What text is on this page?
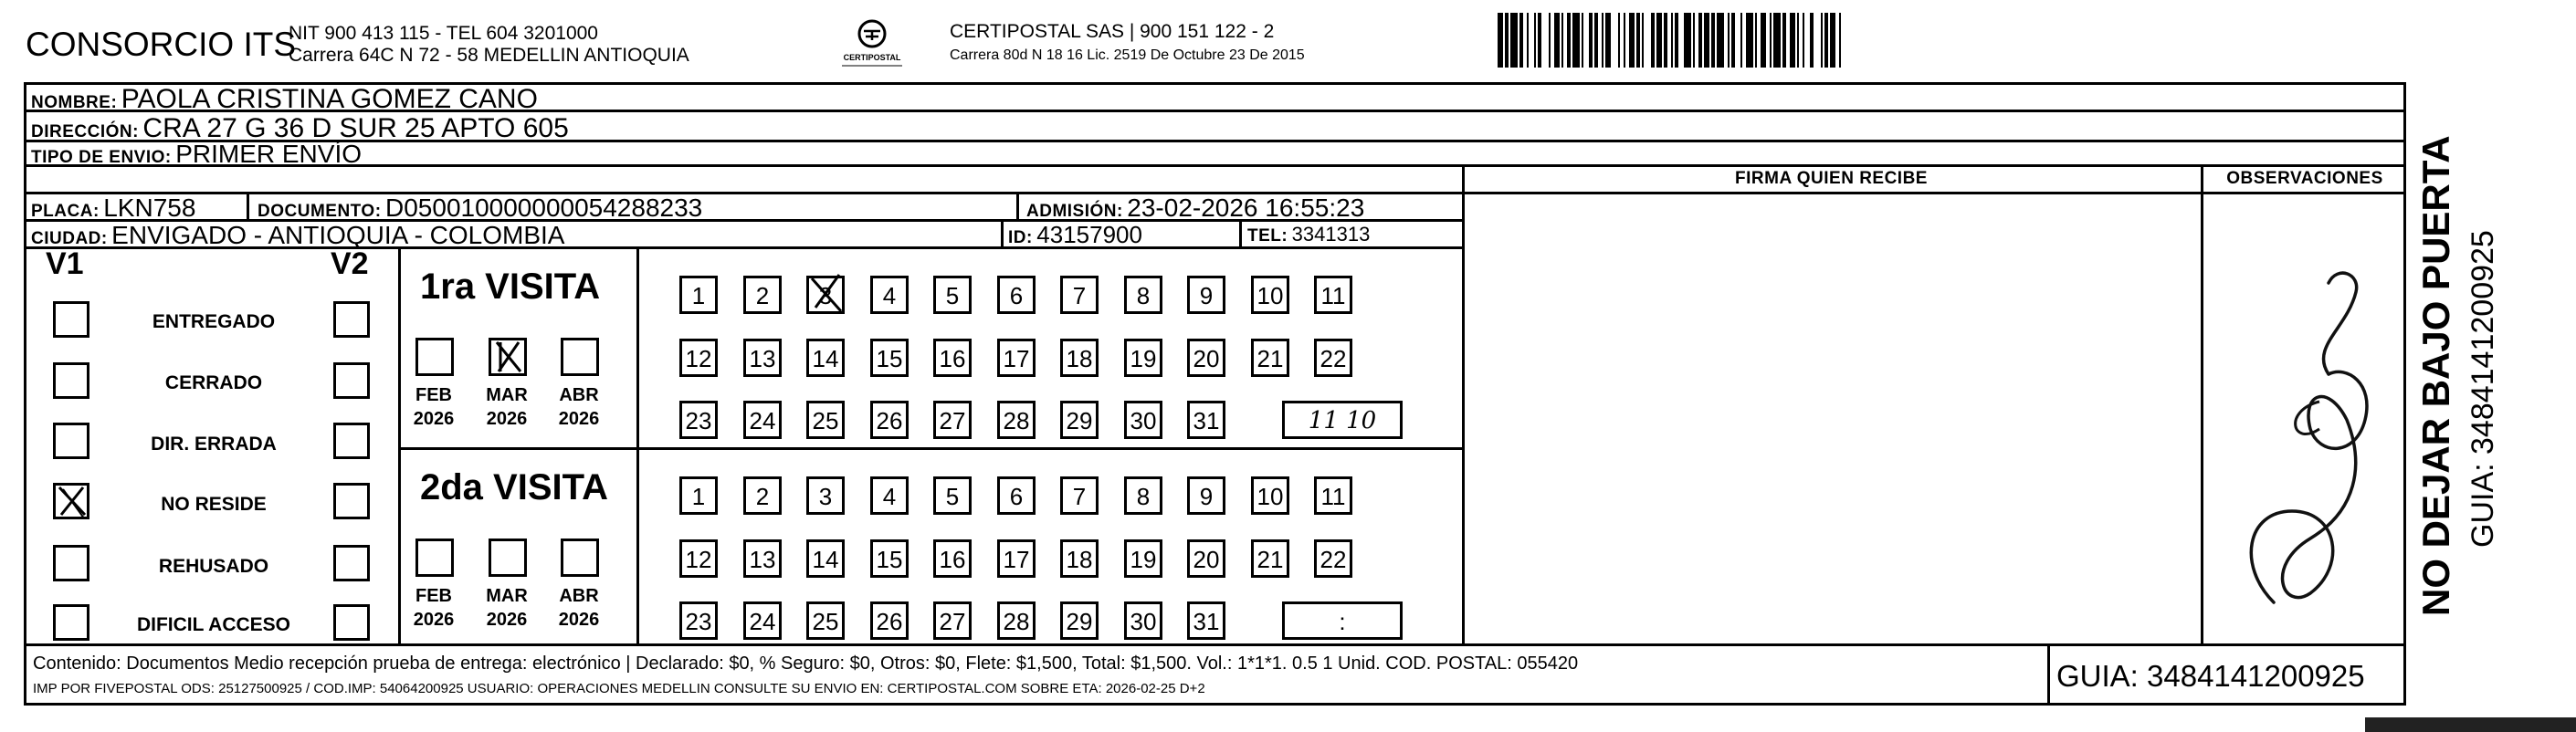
CONSORCIO ITS
NIT 900 413 115 - TEL 604 3201000
Carrera 64C N 72 - 58 MEDELLIN ANTIOQUIA	CERTIPOSTAL
CERTIPOSTAL SAS | 900 151 122 - 2
Carrera 80d N 18 16 Lic. 2519 De Octubre 23 De 2015
NOMBRE: PAOLA CRISTINA GOMEZ CANO
DIRECCIÓN: CRA 27 G 36 D SUR 25 APTO 605
TIPO DE ENVIO: PRIMER ENVÍO
FIRMA QUIEN RECIBE	OBSERVACIONES
PLACA: LKN758	DOCUMENTO: D050010000000054288233	ADMISIÓN: 23-02-2026 16:55:23
CIUDAD: ENVIGADO - ANTIOQUIA - COLOMBIA	ID: 43157900	TEL: 3341313
V1	V2
ENTREGADO
CERRADO
DIR. ERRADA
NO RESIDE
REHUSADO
DIFICIL ACCESO
1ra VISITA
FEB
2026
MAR
2026
ABR
2026
1	2	3	4	5	6	7	8	9	10 11
12 13 14 15 16 17 18 19 20 21 22
23 24 25 26 27 28 29 30 31	11 10
2da VISITA
FEB
2026
MAR
2026
ABR
2026
1	2	3	4	5	6	7	8	9	10 11
12 13 14 15 16 17 18 19 20 21 22
23 24 25 26 27 28 29 30 31	:
Contenido: Documentos Medio recepción prueba de entrega: electrónico | Declarado: $0, % Seguro: $0, Otros: $0, Flete: $1,500, Total: $1,500. Vol.: 1*1*1. 0.5 1 Unid. COD. POSTAL: 055420
IMP POR FIVEPOSTAL ODS: 25127500925 / COD.IMP: 54064200925 USUARIO: OPERACIONES MEDELLIN CONSULTE SU ENVIO EN: CERTIPOSTAL.COM SOBRE ETA: 2026-02-25 D+2	GUIA: 3484141200925
NO DEJAR BAJO PUERTA GUIA: 3484141200925
